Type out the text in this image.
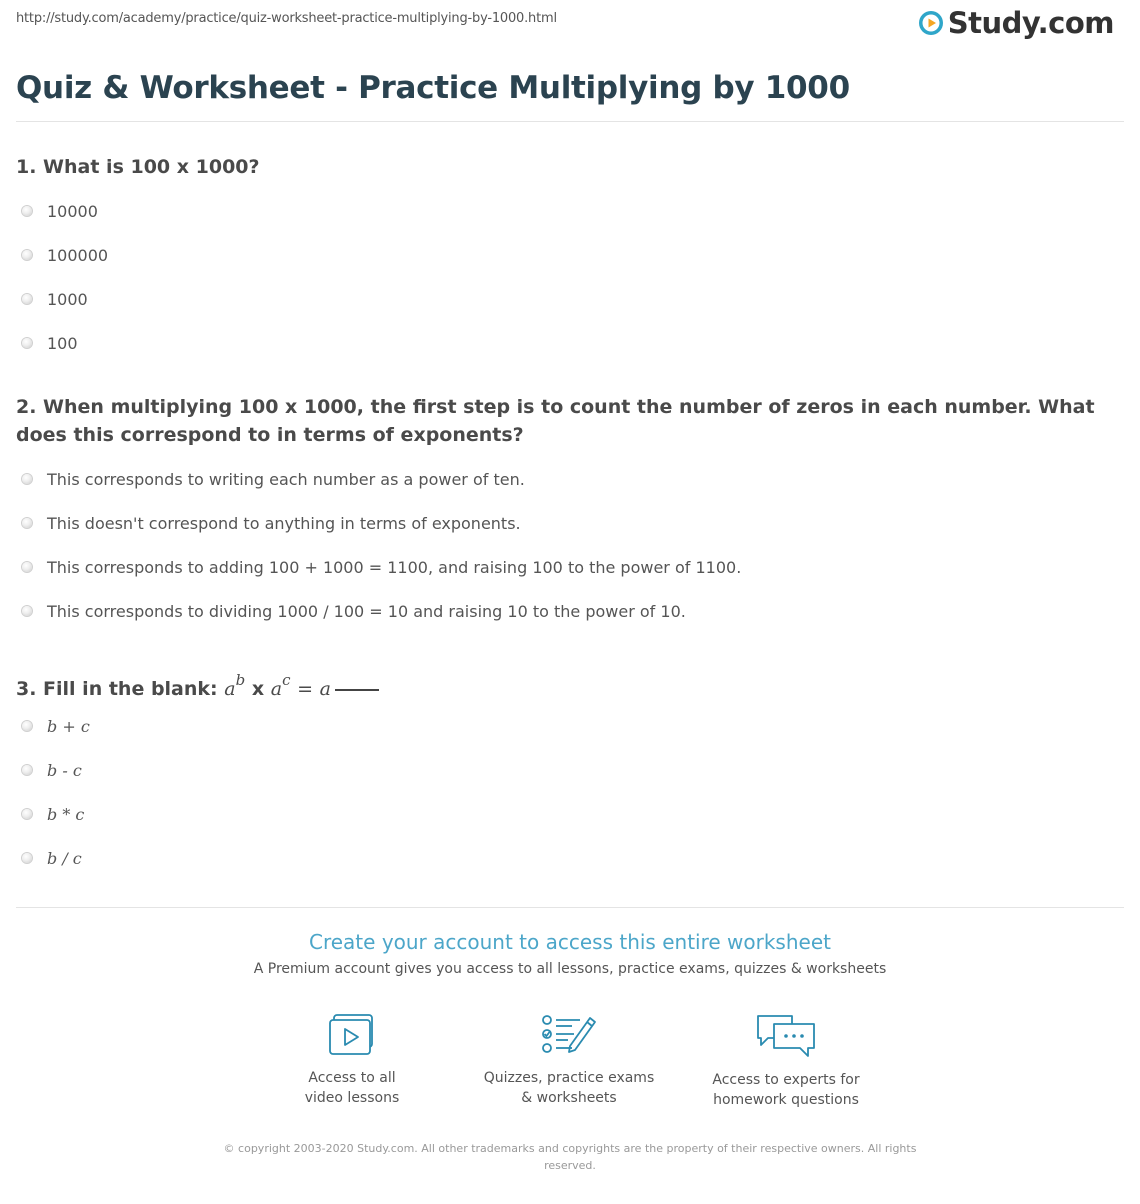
http://study.com/academy/practice/quiz-worksheet-practice-multiplying-by-1000.html	Study.com
Quiz & Worksheet - Practice Multiplying by 1000

1. What is 100 x 1000?

10000
100000
1000
100

2. When multiplying 100 x 1000, the first step is to count the number of zeros in each number. What does this correspond to in terms of exponents?

This corresponds to writing each number as a power of ten.
This doesn't correspond to anything in terms of exponents.
This corresponds to adding 100 + 1000 = 1100, and raising 100 to the power of 1100.
This corresponds to dividing 1000 / 100 = 10 and raising 10 to the power of 10.

3. Fill in the blank: $a^b$ x $a^c = a$

b + c
b - c
b * c
b / c
Create your account to access this entire worksheet
A Premium account gives you access to all lessons, practice exams, quizzes & worksheets
Access to all
video lessons
Quizzes, practice exams
& worksheets
Access to experts for
homework questions
© copyright 2003-2020 Study.com. All other trademarks and copyrights are the property of their respective owners. All rights reserved.
